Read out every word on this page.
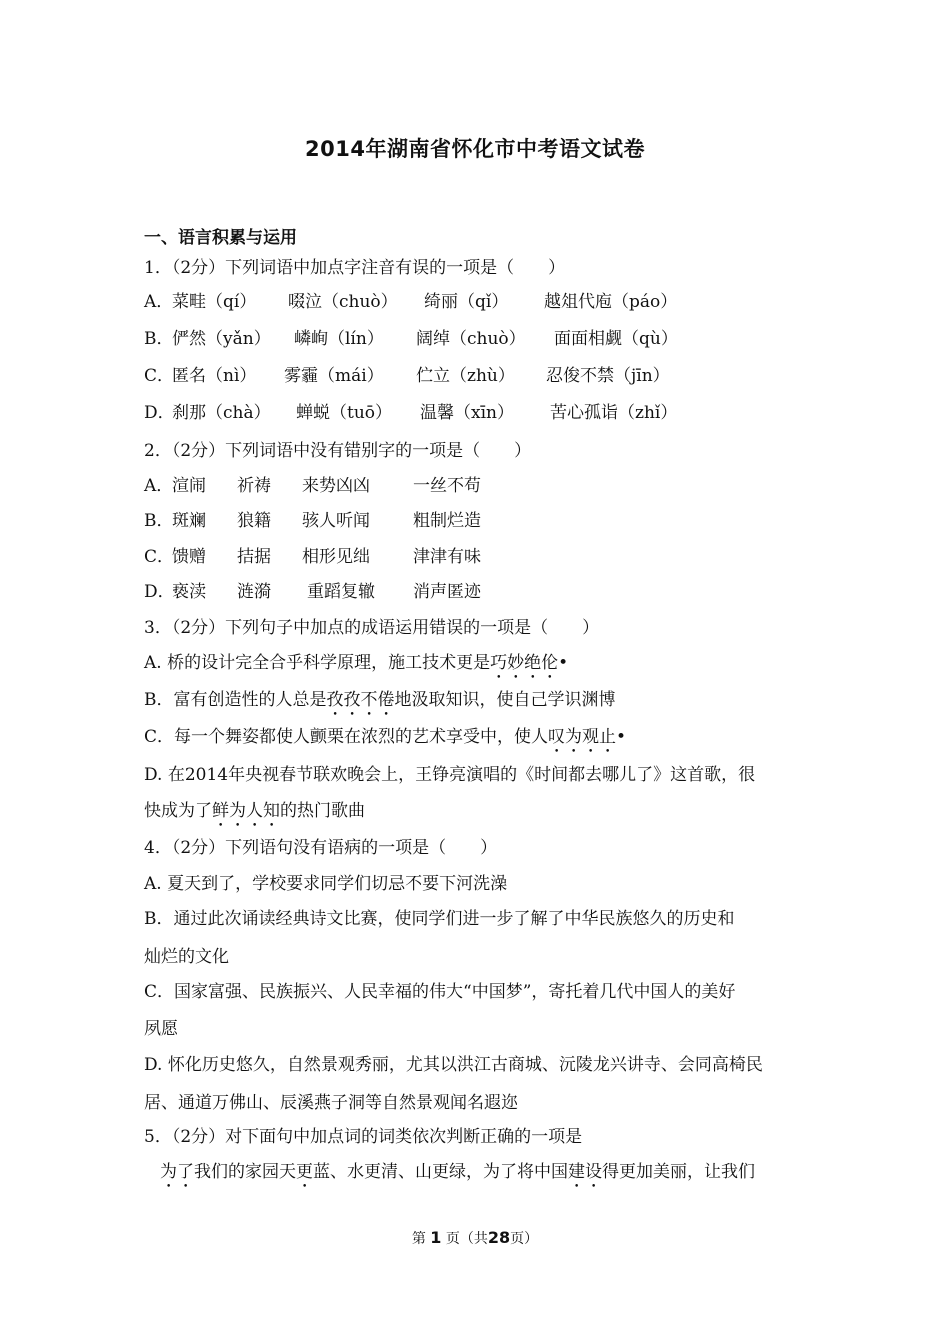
2014年湖南省怀化市中考语文试卷
一、语言积累与运用
1．（2分）下列词语中加点字注音有误的一项是（　　）
A．菜畦（qí） 啜泣（chuò） 绮丽（qǐ） 越俎代庖（páo）
B．俨然（yǎn） 嶙峋（lín） 阔绰（chuò） 面面相觑（qù）
C．匿名（nì） 雾霾（mái） 伫立（zhù） 忍俊不禁（jīn）
D．刹那（chà） 蝉蜕（tuō） 温馨（xīn） 苦心孤诣（zhǐ）
2．（2分）下列词语中没有错别字的一项是（　　）
A．渲闹 祈祷 来势凶凶	一丝不苟
B．斑斓 狼籍 骇人听闻	粗制烂造
C．馈赠 拮据 相形见绌	津津有味
D．亵渎 涟漪 重蹈复辙 消声匿迹
3．（2分）下列句子中加点的成语运用错误的一项是（　　）
A. 桥的设计完全合乎科学原理，施工技术更是巧妙绝伦•
B．富有创造性的人总是孜孜不倦地汲取知识，使自己学识渊博
C．每一个舞姿都使人颤栗在浓烈的艺术享受中，使人叹为观止•
D. 在2014年央视春节联欢晚会上，王铮亮演唱的《时间都去哪儿了》这首歌，很
快成为了鲜为人知的热门歌曲
4．（2分）下列语句没有语病的一项是（　　）
A. 夏天到了，学校要求同学们切忌不要下河洗澡
B．通过此次诵读经典诗文比赛，使同学们进一步了解了中华民族悠久的历史和
灿烂的文化
C．国家富强、民族振兴、人民幸福的伟大“中国梦”，寄托着几代中国人的美好
夙愿
D. 怀化历史悠久，自然景观秀丽，尤其以洪江古商城、沅陵龙兴讲寺、会同高椅民
居、通道万佛山、辰溪燕子洞等自然景观闻名遐迩
5．（2分）对下面句中加点词的词类依次判断正确的一项是
为了我们的家园天更蓝、水更清、山更绿，为了将中国建设得更加美丽，让我们
第 1 页（共28页）
